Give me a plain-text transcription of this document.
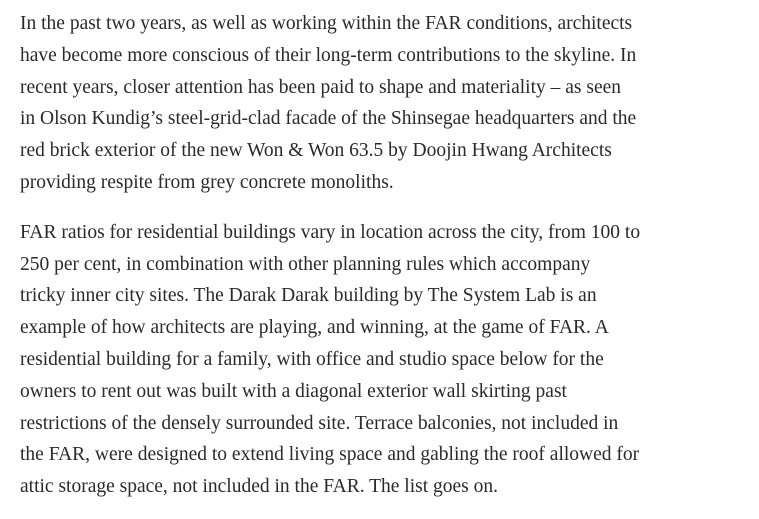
In the past two years, as well as working within the FAR conditions, architects
have become more conscious of their long-term contributions to the skyline. In
recent years, closer attention has been paid to shape and materiality – as seen
in Olson Kundig’s steel-grid-clad facade of the Shinsegae headquarters and the
red brick exterior of the new Won & Won 63.5 by Doojin Hwang Architects
providing respite from grey concrete monoliths.

FAR ratios for residential buildings vary in location across the city, from 100 to
250 per cent, in combination with other planning rules which accompany
tricky inner city sites. The Darak Darak building by The System Lab is an
example of how architects are playing, and winning, at the game of FAR. A
residential building for a family, with office and studio space below for the
owners to rent out was built with a diagonal exterior wall skirting past
restrictions of the densely surrounded site. Terrace balconies, not included in
the FAR, were designed to extend living space and gabling the roof allowed for
attic storage space, not included in the FAR. The list goes on.
